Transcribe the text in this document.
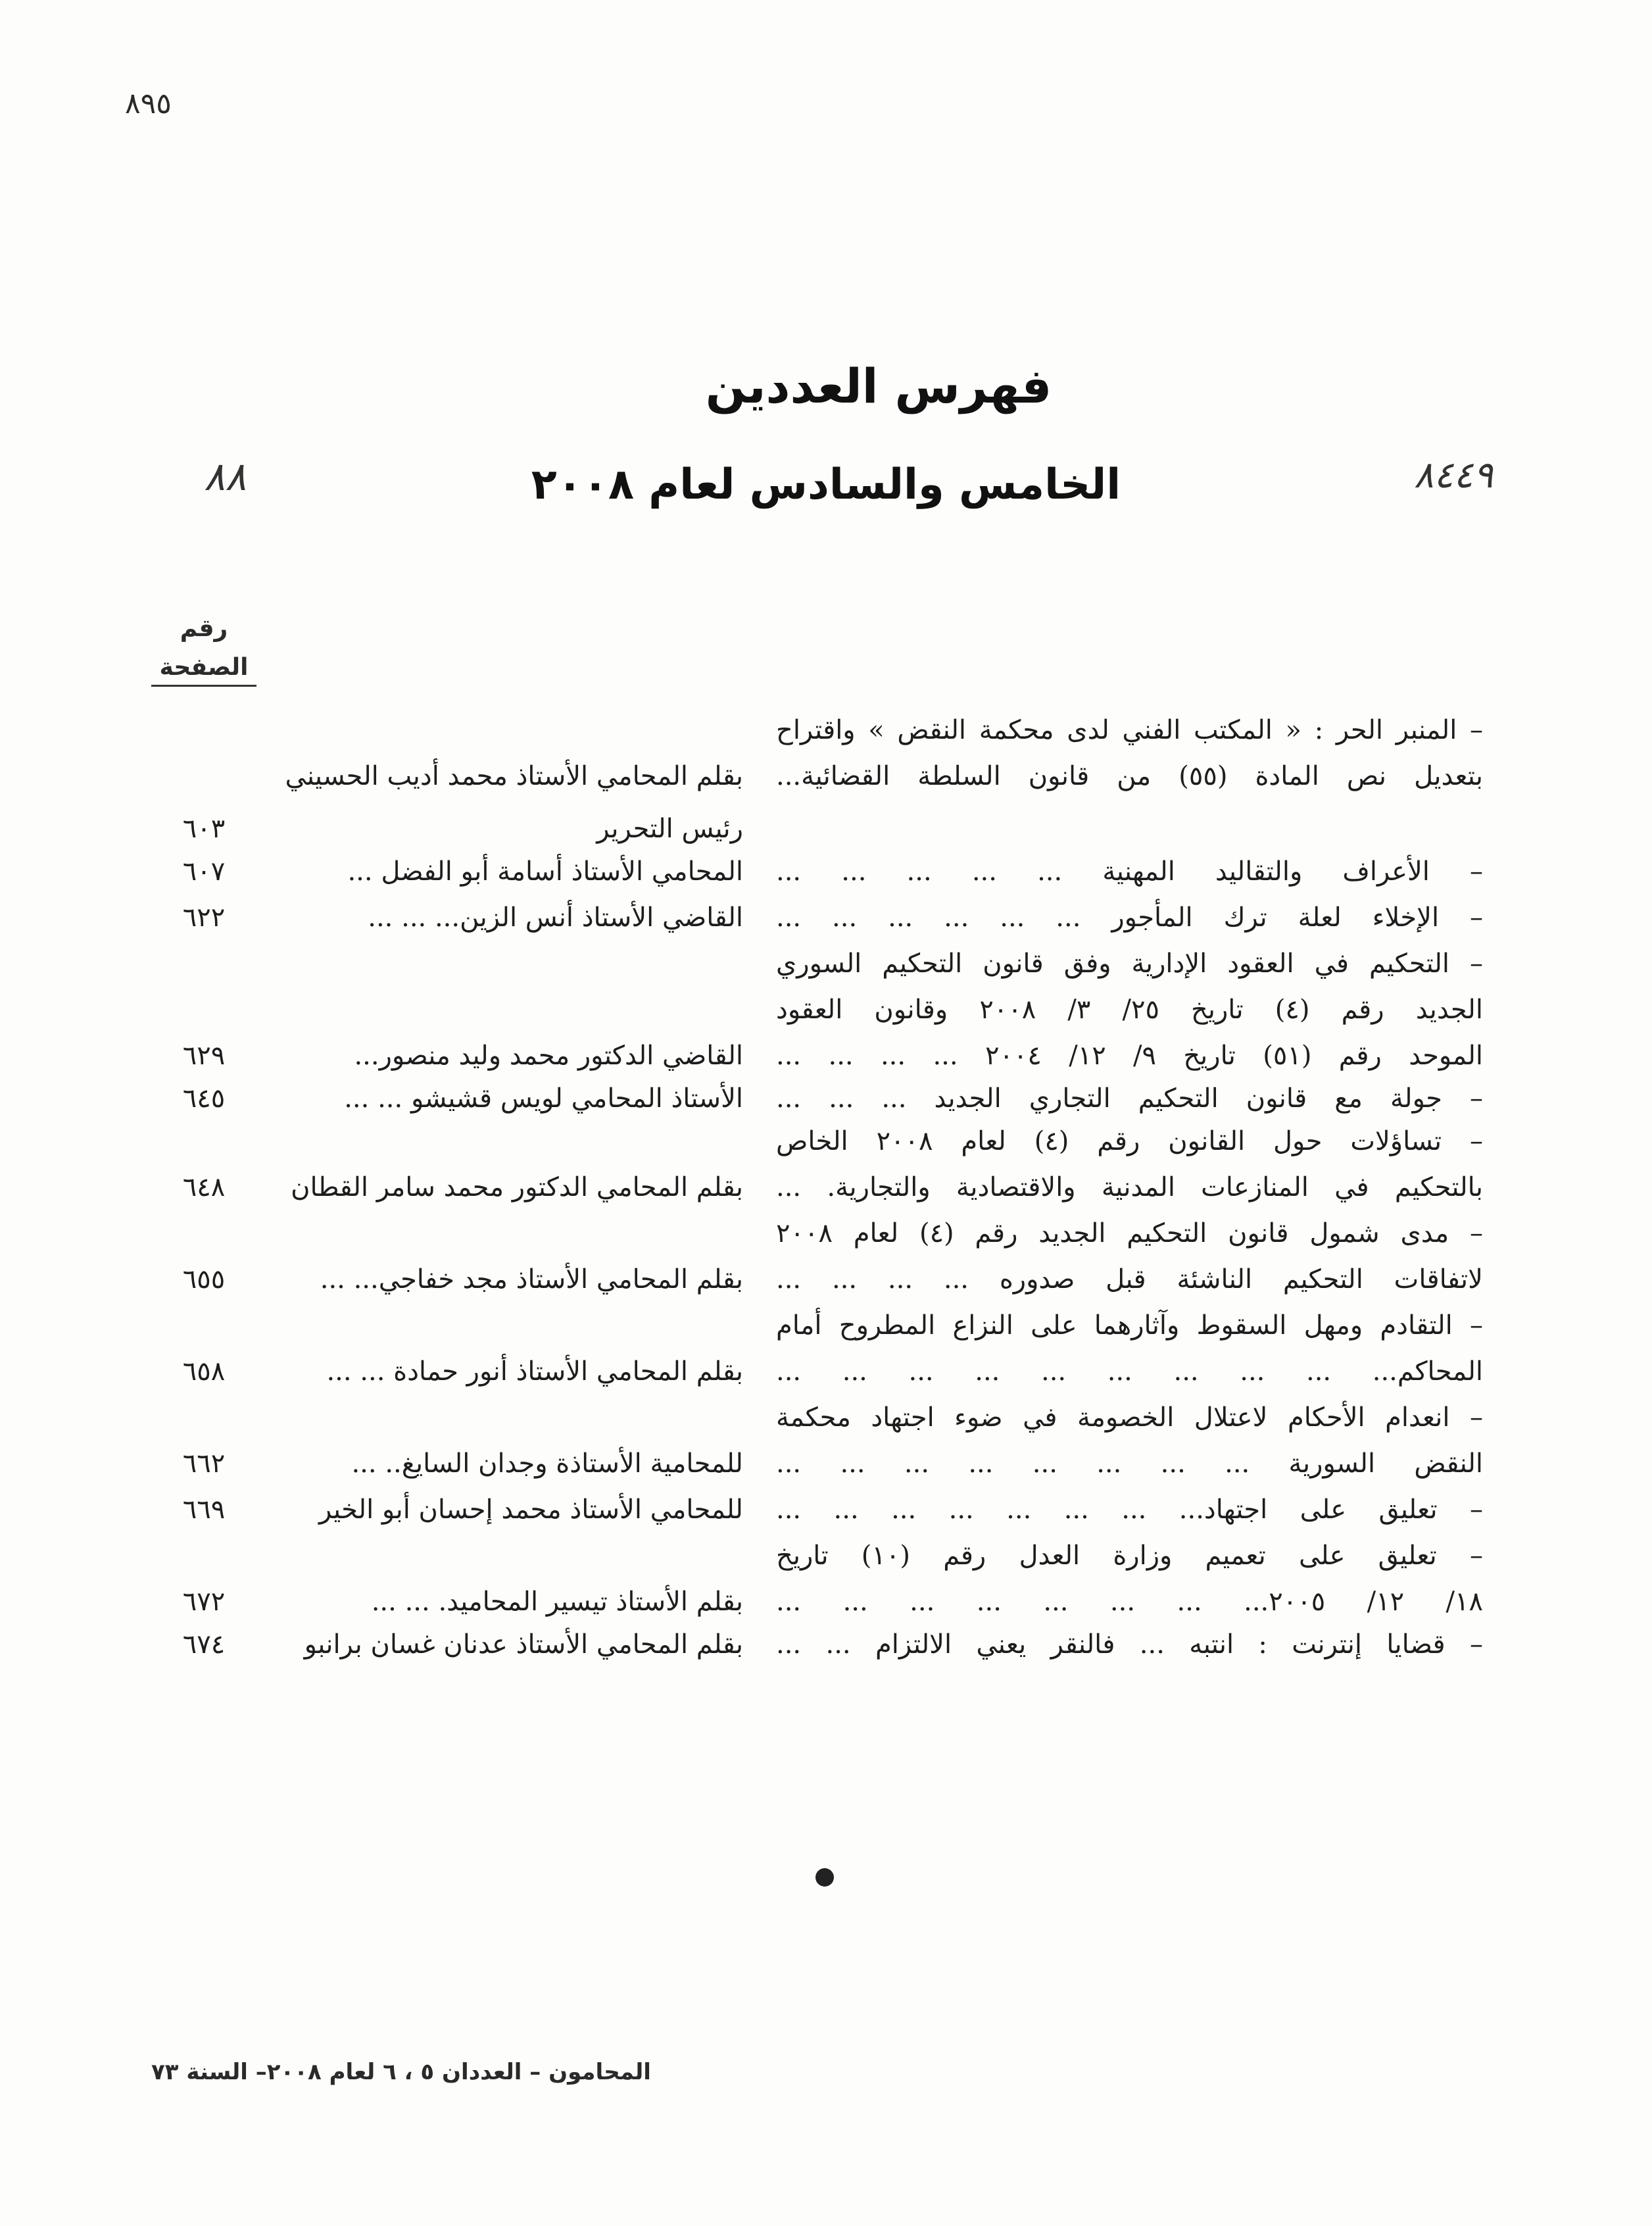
٨٩٥
٨٨	٨٤٤٩
فهرس العددين
الخامس والسادس لعام ٢٠٠٨
رقم
الصفحة
– المنبر الحر : « المكتب الفني لدى محكمة النقض » واقتراح
بتعديل نص المادة (٥٥) من قانون السلطة القضائية...
بقلم المحامي الأستاذ محمد أديب الحسيني
رئيس التحرير
٦٠٣
– الأعراف والتقاليد المهنية ... ... ... ... ...
المحامي الأستاذ أسامة أبو الفضل ...
٦٠٧
– الإخلاء لعلة ترك المأجور ... ... ... ... ... ...
القاضي الأستاذ أنس الزين... ... ...
٦٢٢
– التحكيم في العقود الإدارية وفق قانون التحكيم السوري
الجديد رقم (٤) تاريخ ٢٥/ ٣/ ٢٠٠٨ وقانون العقود
الموحد رقم (٥١) تاريخ ٩/ ١٢/ ٢٠٠٤ ... ... ... ...
القاضي الدكتور محمد وليد منصور...
٦٢٩
– جولة مع قانون التحكيم التجاري الجديد ... ... ...
الأستاذ المحامي لويس قشيشو ... ...
٦٤٥
– تساؤلات حول القانون رقم (٤) لعام ٢٠٠٨ الخاص
بالتحكيم في المنازعات المدنية والاقتصادية والتجارية. ...
بقلم المحامي الدكتور محمد سامر القطان
٦٤٨
– مدى شمول قانون التحكيم الجديد رقم (٤) لعام ٢٠٠٨
لاتفاقات التحكيم الناشئة قبل صدوره ... ... ... ...
بقلم المحامي الأستاذ مجد خفاجي... ...
٦٥٥
– التقادم ومهل السقوط وآثارهما على النزاع المطروح أمام
المحاكم... ... ... ... ... ... ... ... ... ...
بقلم المحامي الأستاذ أنور حمادة ... ...
٦٥٨
– انعدام الأحكام لاعتلال الخصومة في ضوء اجتهاد محكمة
النقض السورية ... ... ... ... ... ... ... ...
للمحامية الأستاذة وجدان السايغ.. ...
٦٦٢
– تعليق على اجتهاد... ... ... ... ... ... ... ...
للمحامي الأستاذ محمد إحسان أبو الخير
٦٦٩
– تعليق على تعميم وزارة العدل رقم (١٠) تاريخ
١٨/ ١٢/ ٢٠٠٥... ... ... ... ... ... ... ...
بقلم الأستاذ تيسير المحاميد. ... ...
٦٧٢
– قضايا إنترنت : انتبه ... فالنقر يعني الالتزام ... ...
بقلم المحامي الأستاذ عدنان غسان برانبو
٦٧٤
المحامون – العددان ٥ ، ٦ لعام ٢٠٠٨– السنة ٧٣
